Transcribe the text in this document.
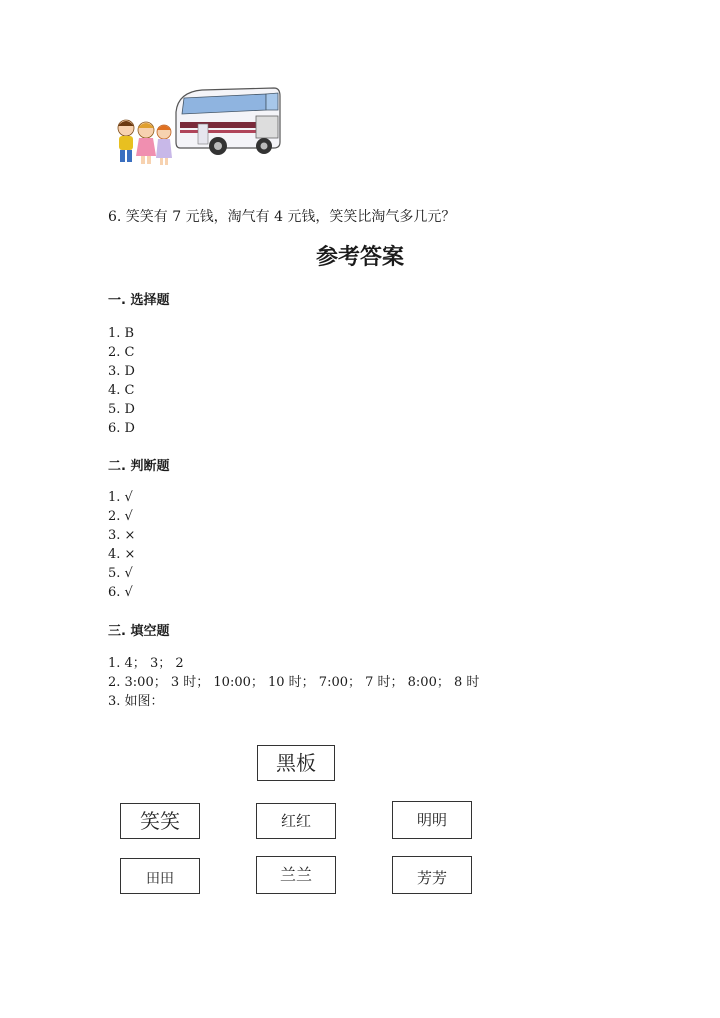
6. 笑笑有 7 元钱，淘气有 4 元钱，笑笑比淘气多几元？
参考答案
一. 选择题
1. B
2. C
3. D
4. C
5. D
6. D
二. 判断题
1. √
2. √
3. ×
4. ×
5. √
6. √
三. 填空题
1. 4； 3； 2
2. 3:00； 3 时； 10:00； 10 时； 7:00； 7 时； 8:00； 8 时
3. 如图：
黑板
笑笑	红红	明明
田田	兰兰	芳芳
